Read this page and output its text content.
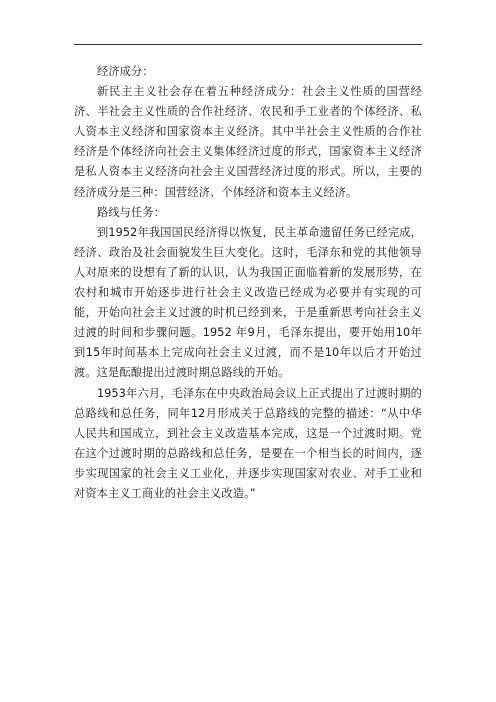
经济成分：

新民主主义社会存在着五种经济成分：社会主义性质的国营经济、半社会主义性质的合作社经济、农民和手工业者的个体经济、私人资本主义经济和国家资本主义经济。其中半社会主义性质的合作社经济是个体经济向社会主义集体经济过度的形式，国家资本主义经济是私人资本主义经济向社会主义国营经济过度的形式。所以，主要的经济成分是三种：国营经济、个体经济和资本主义经济。

路线与任务：

到1952年我国国民经济得以恢复，民主革命遗留任务已经完成，经济、政治及社会面貌发生巨大变化。这时，毛泽东和党的其他领导人对原来的设想有了新的认识，认为我国正面临着新的发展形势，在农村和城市开始逐步进行社会主义改造已经成为必要并有实现的可能，开始向社会主义过渡的时机已经到来，于是重新思考向社会主义过渡的时间和步骤问题。1952 年9月，毛泽东提出，要开始用10年到15年时间基本上完成向社会主义过渡，而不是10年以后才开始过渡。这是酝酿提出过渡时期总路线的开始。

1953年六月，毛泽东在中央政治局会议上正式提出了过渡时期的总路线和总任务，同年12月形成关于总路线的完整的描述：“从中华人民共和国成立，到社会主义改造基本完成，这是一个过渡时期。党在这个过渡时期的总路线和总任务，是要在一个相当长的时间内，逐步实现国家的社会主义工业化，并逐步实现国家对农业、对手工业和对资本主义工商业的社会主义改造。”
